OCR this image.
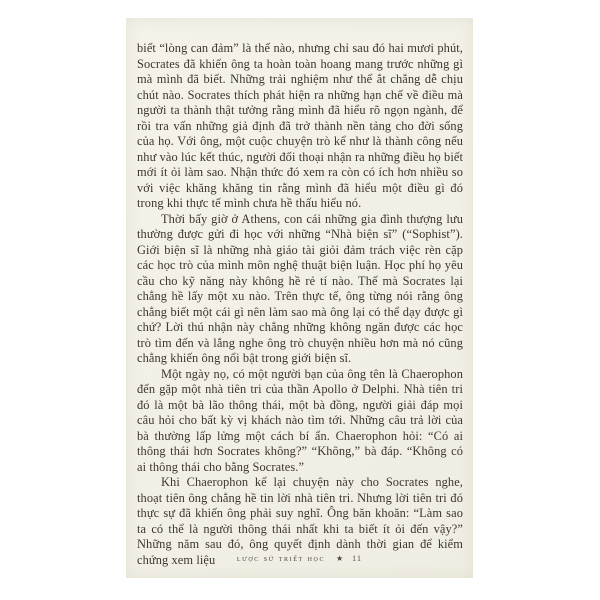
biết “lòng can đảm” là thế nào, nhưng chỉ sau đó hai mươi phút, Socrates đã khiến ông ta hoàn toàn hoang mang trước những gì mà mình đã biết. Những trải nghiệm như thế ắt chẳng dễ chịu chút nào. Socrates thích phát hiện ra những hạn chế về điều mà người ta thành thật tưởng rằng mình đã hiểu rõ ngọn ngành, để rồi tra vấn những giả định đã trở thành nền tảng cho đời sống của họ. Với ông, một cuộc chuyện trò kể như là thành công nếu như vào lúc kết thúc, người đối thoại nhận ra những điều họ biết mới ít ỏi làm sao. Nhận thức đó xem ra còn có ích hơn nhiều so với việc khăng khăng tin rằng mình đã hiểu một điều gì đó trong khi thực tế mình chưa hề thấu hiểu nó.

Thời bấy giờ ở Athens, con cái những gia đình thượng lưu thường được gửi đi học với những “Nhà biện sĩ” (“Sophist”). Giới biện sĩ là những nhà giáo tài giỏi đảm trách việc rèn cặp các học trò của mình môn nghệ thuật biện luận. Học phí họ yêu cầu cho kỹ năng này không hề rẻ tí nào. Thế mà Socrates lại chẳng hề lấy một xu nào. Trên thực tế, ông từng nói rằng ông chẳng biết một cái gì nên làm sao mà ông lại có thể dạy được gì chứ? Lời thú nhận này chẳng những không ngăn được các học trò tìm đến và lắng nghe ông trò chuyện nhiều hơn mà nó cũng chẳng khiến ông nổi bật trong giới biện sĩ.

Một ngày nọ, có một người bạn của ông tên là Chaerophon đến gặp một nhà tiên tri của thần Apollo ở Delphi. Nhà tiên tri đó là một bà lão thông thái, một bà đồng, người giải đáp mọi câu hỏi cho bất kỳ vị khách nào tìm tới. Những câu trả lời của bà thường lấp lửng một cách bí ẩn. Chaerophon hỏi: “Có ai thông thái hơn Socrates không?” “Không,” bà đáp. “Không có ai thông thái cho bằng Socrates.”

Khi Chaerophon kể lại chuyện này cho Socrates nghe, thoạt tiên ông chẳng hề tin lời nhà tiên tri. Nhưng lời tiên tri đó thực sự đã khiến ông phải suy nghĩ. Ông băn khoăn: “Làm sao ta có thể là người thông thái nhất khi ta biết ít ỏi đến vậy?” Những năm sau đó, ông quyết định dành thời gian để kiểm chứng xem liệu	lược sử triết học ★ 11
